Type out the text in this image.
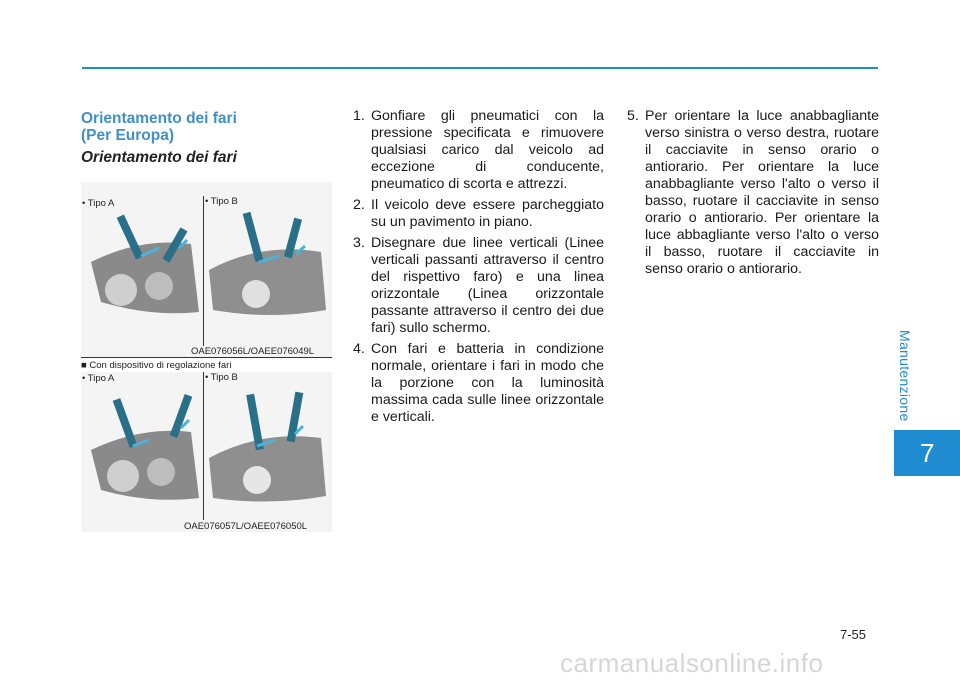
Orientamento dei fari
(Per Europa)
Orientamento dei fari
• Tipo A	• Tipo B
OAE076056L/OAEE076049L
■ Con dispositivo di regolazione fari
• Tipo A	• Tipo B
OAE076057L/OAEE076050L
1. Gonfiare gli pneumatici con la pressione specificata e rimuovere qualsiasi carico dal veicolo ad eccezione di conducente, pneumatico di scorta e attrezzi.
2. Il veicolo deve essere parcheggiato su un pavimento in piano.
3. Disegnare due linee verticali (Linee verticali passanti attraverso il centro del rispettivo faro) e una linea orizzontale (Linea orizzontale passante attraverso il centro dei due fari) sullo schermo.
4. Con fari e batteria in condizione normale, orientare i fari in modo che la porzione con la luminosità massima cada sulle linee orizzontale e verticali.
5. Per orientare la luce anabbagliante verso sinistra o verso destra, ruotare il cacciavite in senso orario o antiorario. Per orientare la luce anabbagliante verso l'alto o verso il basso, ruotare il cacciavite in senso orario o antiorario. Per orientare la luce abbagliante verso l'alto o verso il basso, ruotare il cacciavite in senso orario o antiorario.
Manutenzione
7
7-55
carmanualsonline.info
